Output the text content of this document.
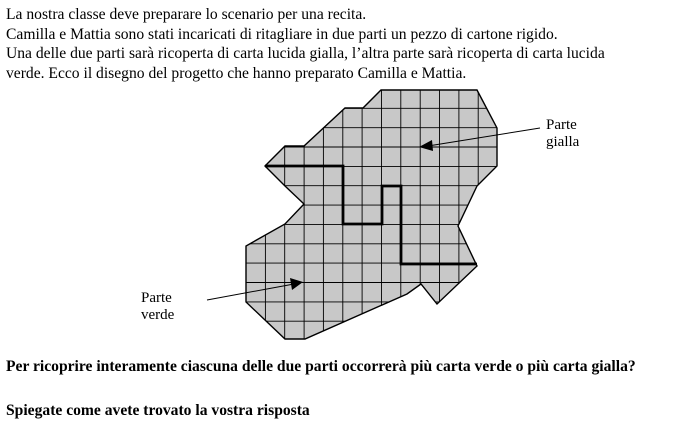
La nostra classe deve preparare lo scenario per una recita.
Camilla e Mattia sono stati incaricati di ritagliare in due parti un pezzo di cartone rigido.
Una delle due parti sarà ricoperta di carta lucida gialla, l’altra parte sarà ricoperta di carta lucida
verde. Ecco il disegno del progetto che hanno preparato Camilla e Mattia.
Parte
gialla
Parte
verde
Per ricoprire interamente ciascuna delle due parti occorrerà più carta verde o più carta gialla?
Spiegate come avete trovato la vostra risposta
